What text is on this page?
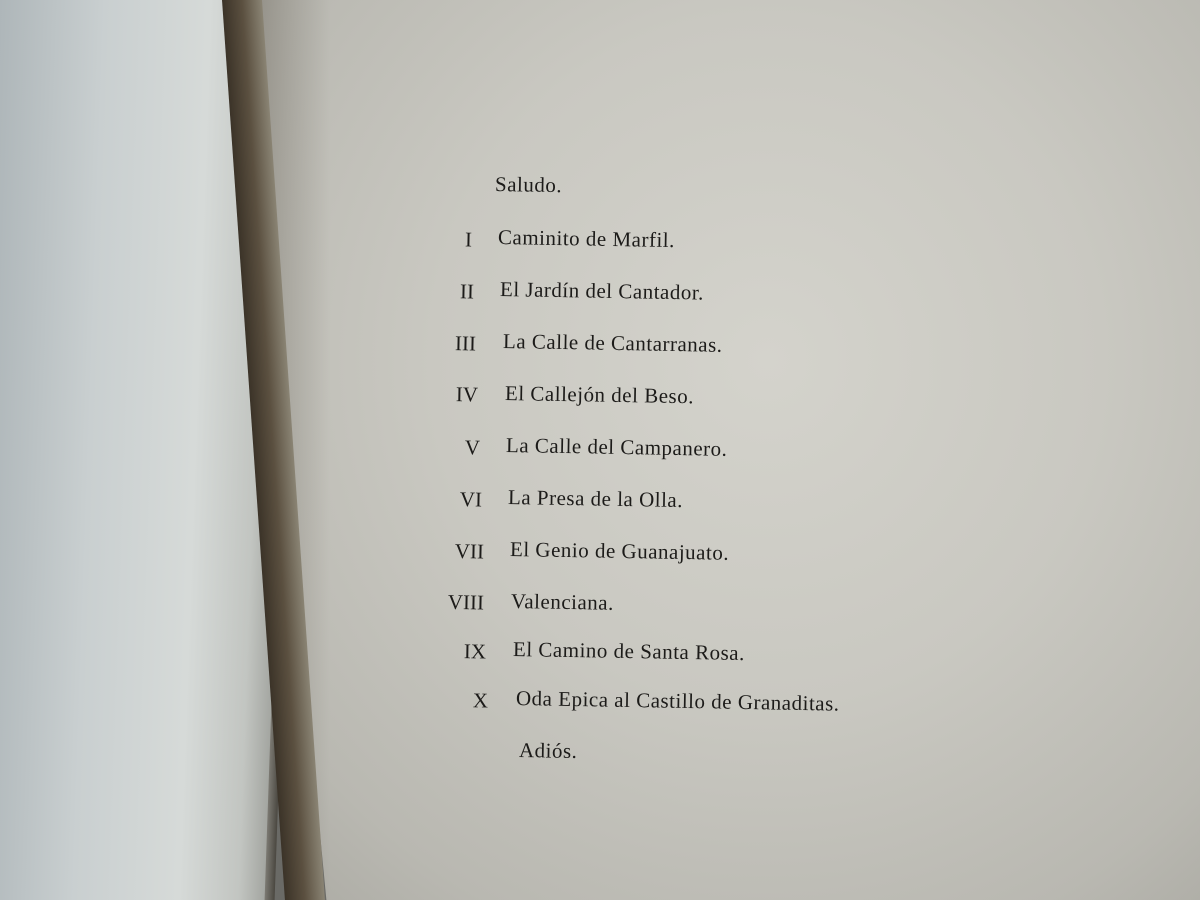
Saludo.
I Caminito de Marfil.
II El Jardín del Cantador.
III La Calle de Cantarranas.
IV El Callejón del Beso.
V La Calle del Campanero.
VI La Presa de la Olla.
VII El Genio de Guanajuato.
VIII Valenciana.
IX El Camino de Santa Rosa.
X Oda Epica al Castillo de Granaditas.
Adiós.
